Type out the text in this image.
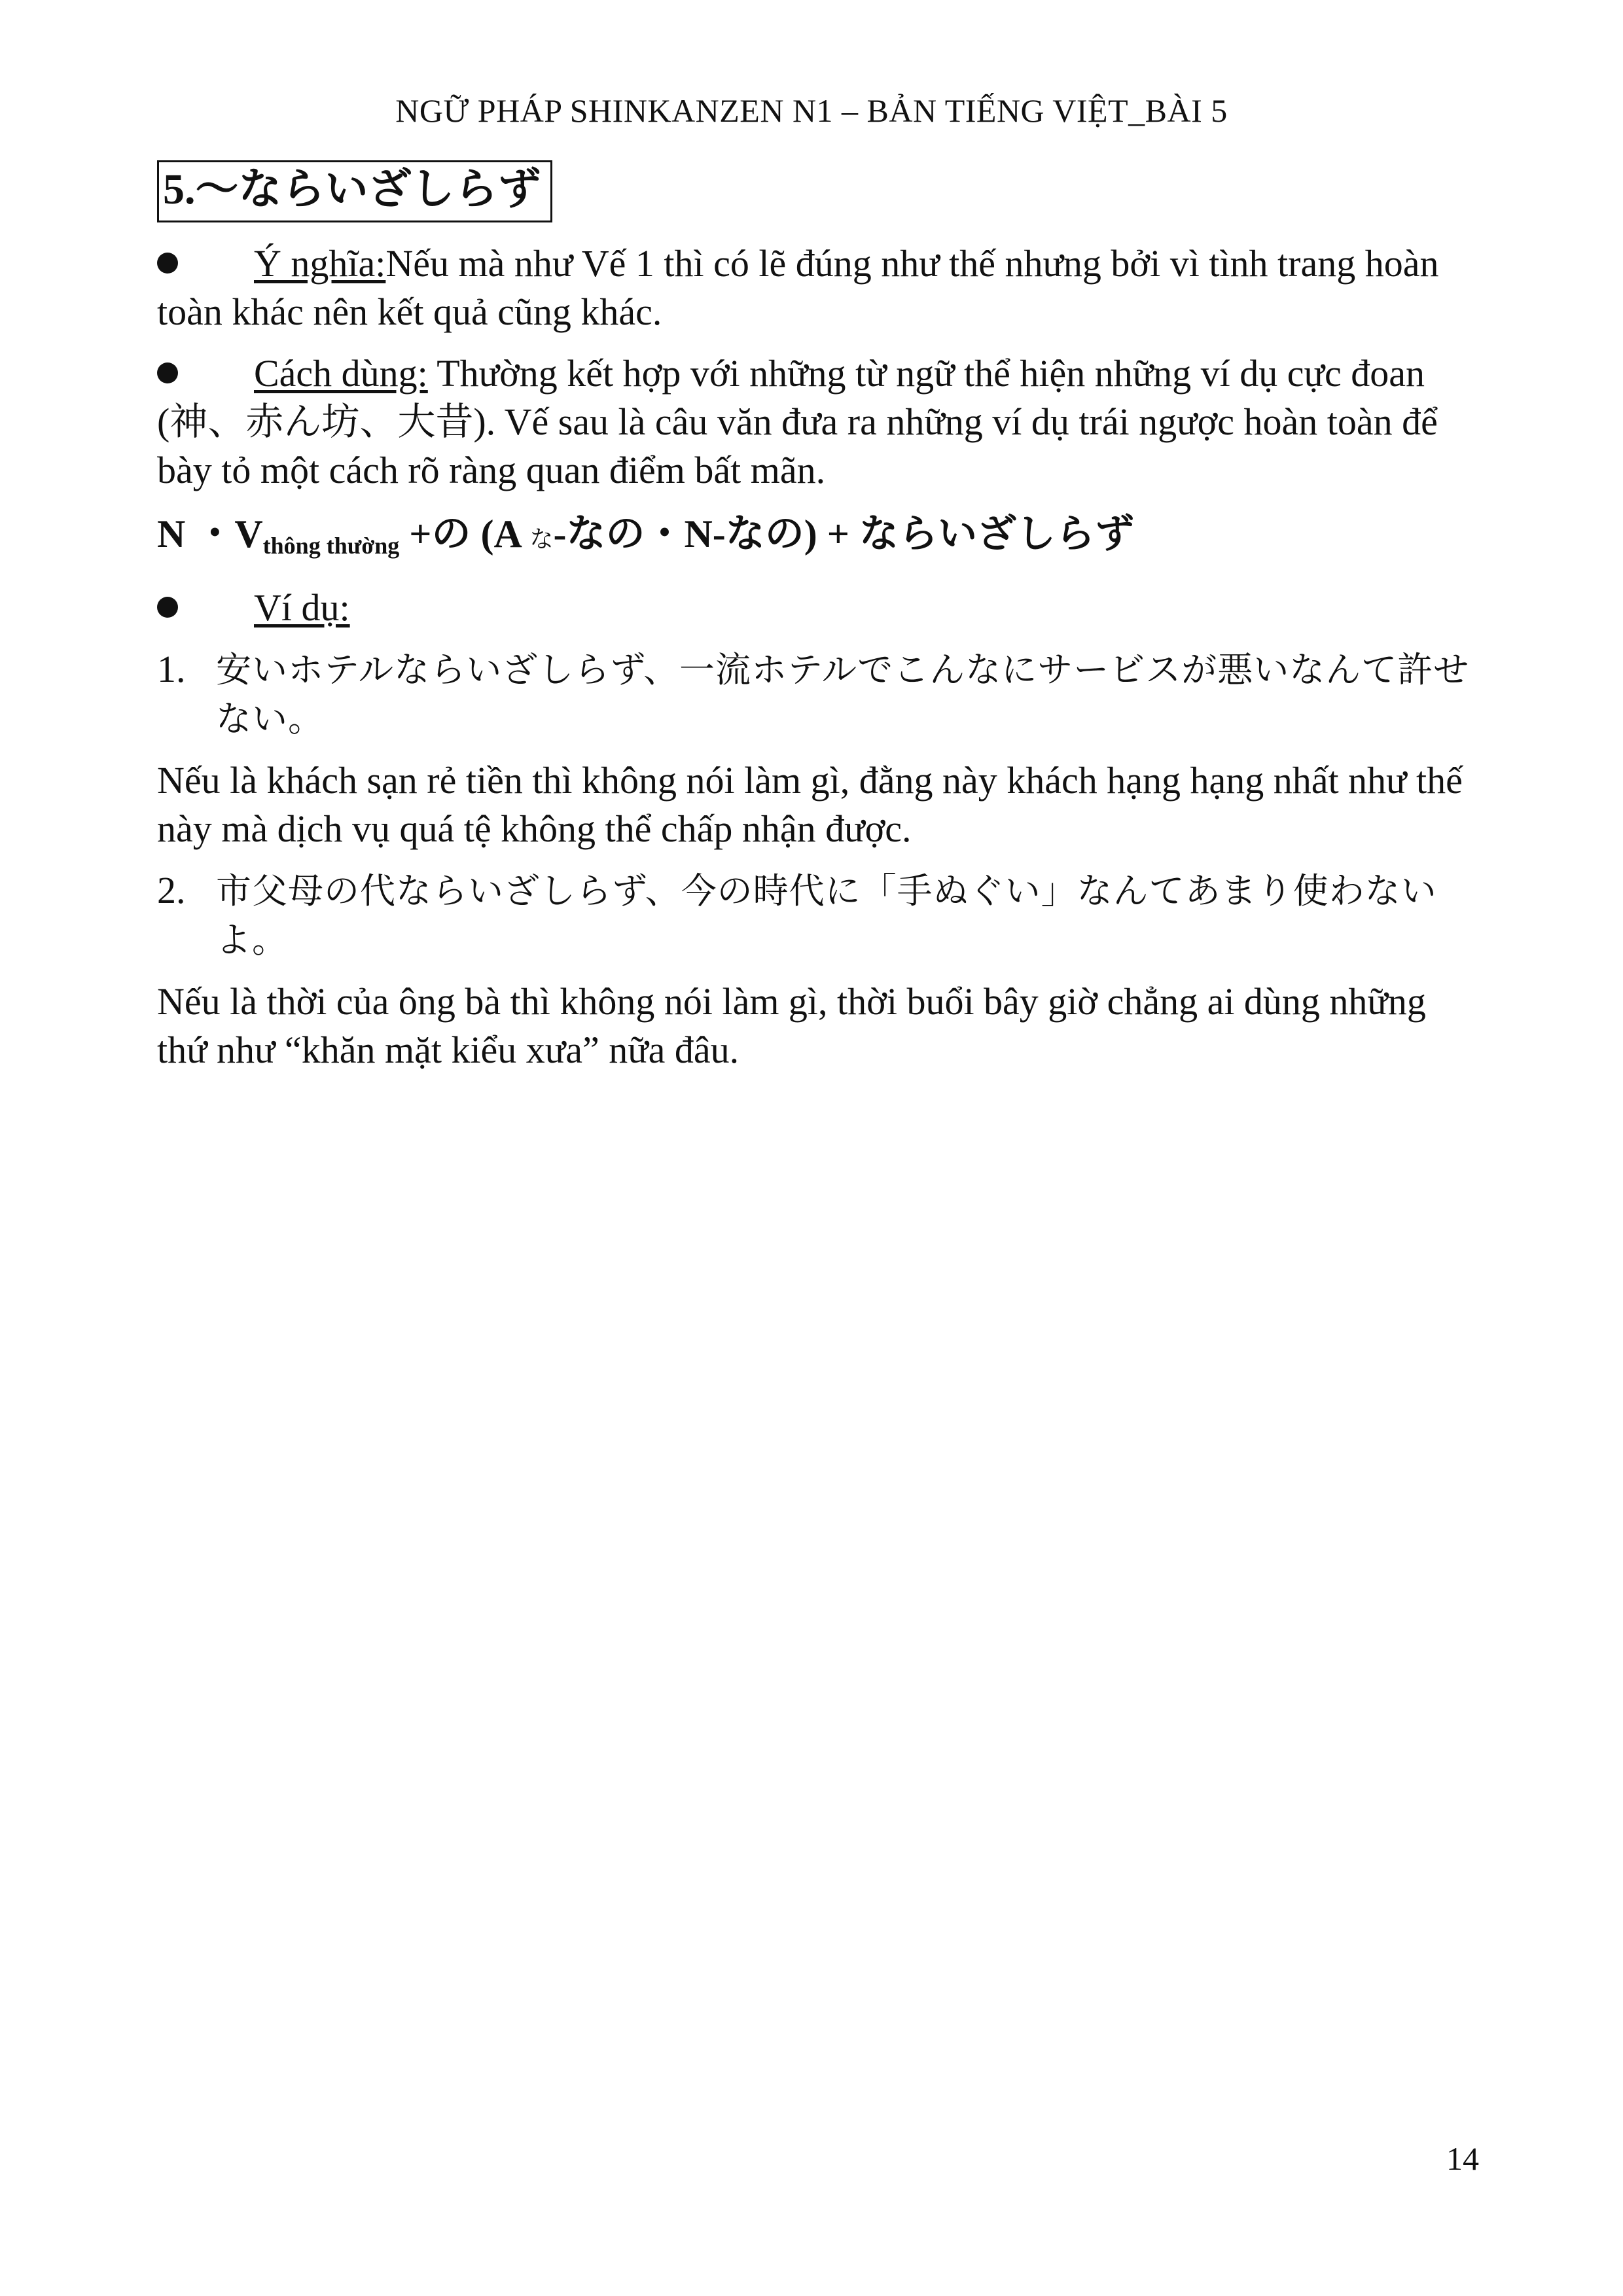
NGỮ PHÁP SHINKANZEN N1 – BẢN TIẾNG VIỆT_BÀI 5
5.～ならいざしらず

Ý nghĩa:Nếu mà như Vế 1 thì có lẽ đúng như thế nhưng bởi vì tình trang hoàn toàn khác nên kết quả cũng khác.

Cách dùng: Thường kết hợp với những từ ngữ thể hiện những ví dụ cực đoan (神、赤ん坊、大昔). Vế sau là câu văn đưa ra những ví dụ trái ngược hoàn toàn để bày tỏ một cách rõ ràng quan điểm bất mãn.

N ・$V_{thông thường}$ +の (A な-なの・N-なの) + ならいざしらず

Ví dụ:

1. 安いホテルならいざしらず、一流ホテルでこんなにサービスが悪いなんて許せない。

Nếu là khách sạn rẻ tiền thì không nói làm gì, đằng này khách hạng hạng nhất như thế này mà dịch vụ quá tệ không thể chấp nhận được.

2. 市父母の代ならいざしらず、今の時代に「手ぬぐい」なんてあまり使わないよ。

Nếu là thời của ông bà thì không nói làm gì, thời buổi bây giờ chẳng ai dùng những thứ như “khăn mặt kiểu xưa” nữa đâu.

14
